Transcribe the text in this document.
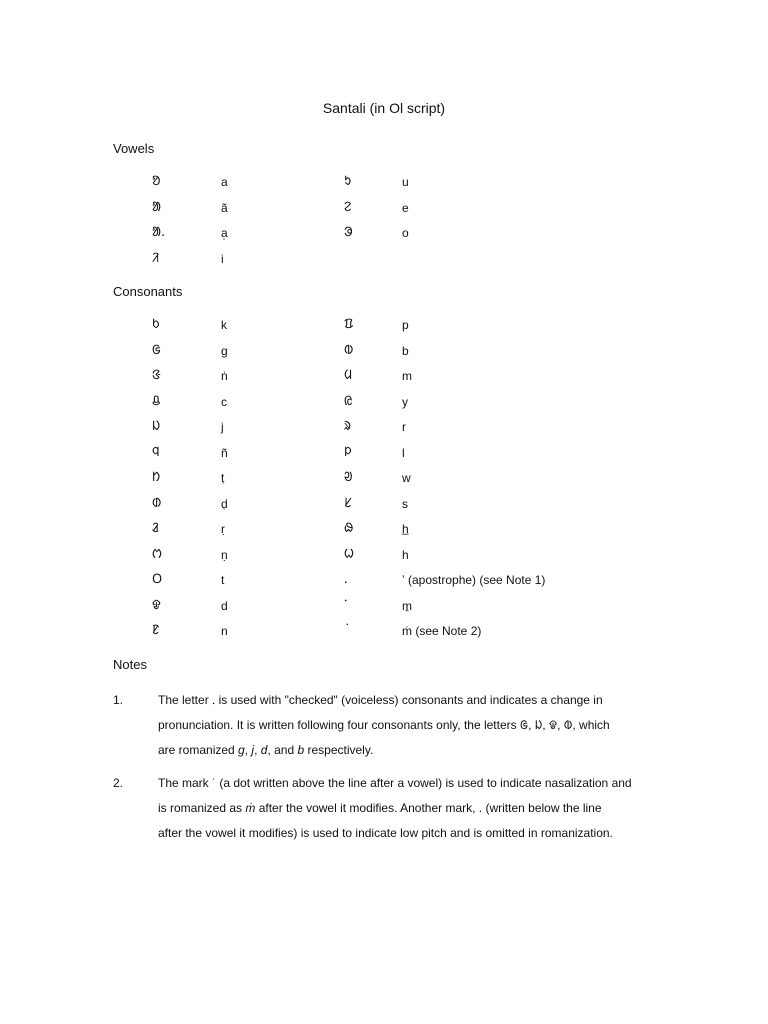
Santali (in Ol script)
Vowels
ᱚ	a	ᱩ	u
ᱟ	ã	ᱮ	e
ᱟ.	a̜	ᱳ	o
ᱤ	i
Consonants
ᱠ	k	ᱯ	p
ᱜ	g	ᱵ	b
ᱝ	ṅ	ᱢ	m
ᱪ	c	ᱭ	y
ᱡ	j	ᱨ	r
ᱧ	ñ	ᱞ	l
ᱴ	ṭ	ᱣ	w
ᱰ	ḍ	ᱥ	s
ᱲ	ṛ	ᱷ	h̲
ᱬ	ṇ	ᱦ	h
ᱛ	t	ᱹ	ʼ (apostrophe) (see Note 1)
ᱫ	d	ᱸ	m̱
ᱱ	n	˙	ṁ (see Note 2)
Notes
1.	The letter ᱹ is used with "checked" (voiceless) consonants and indicates a change in

pronunciation. It is written following four consonants only, the letters ᱜ, ᱡ, ᱫ, ᱵ, which

are romanized g, j, d, and b respectively.

2.	The mark ˙ (a dot written above the line after a vowel) is used to indicate nasalization and

is romanized as ṁ after the vowel it modifies. Another mark, . (written below the line

after the vowel it modifies) is used to indicate low pitch and is omitted in romanization.
